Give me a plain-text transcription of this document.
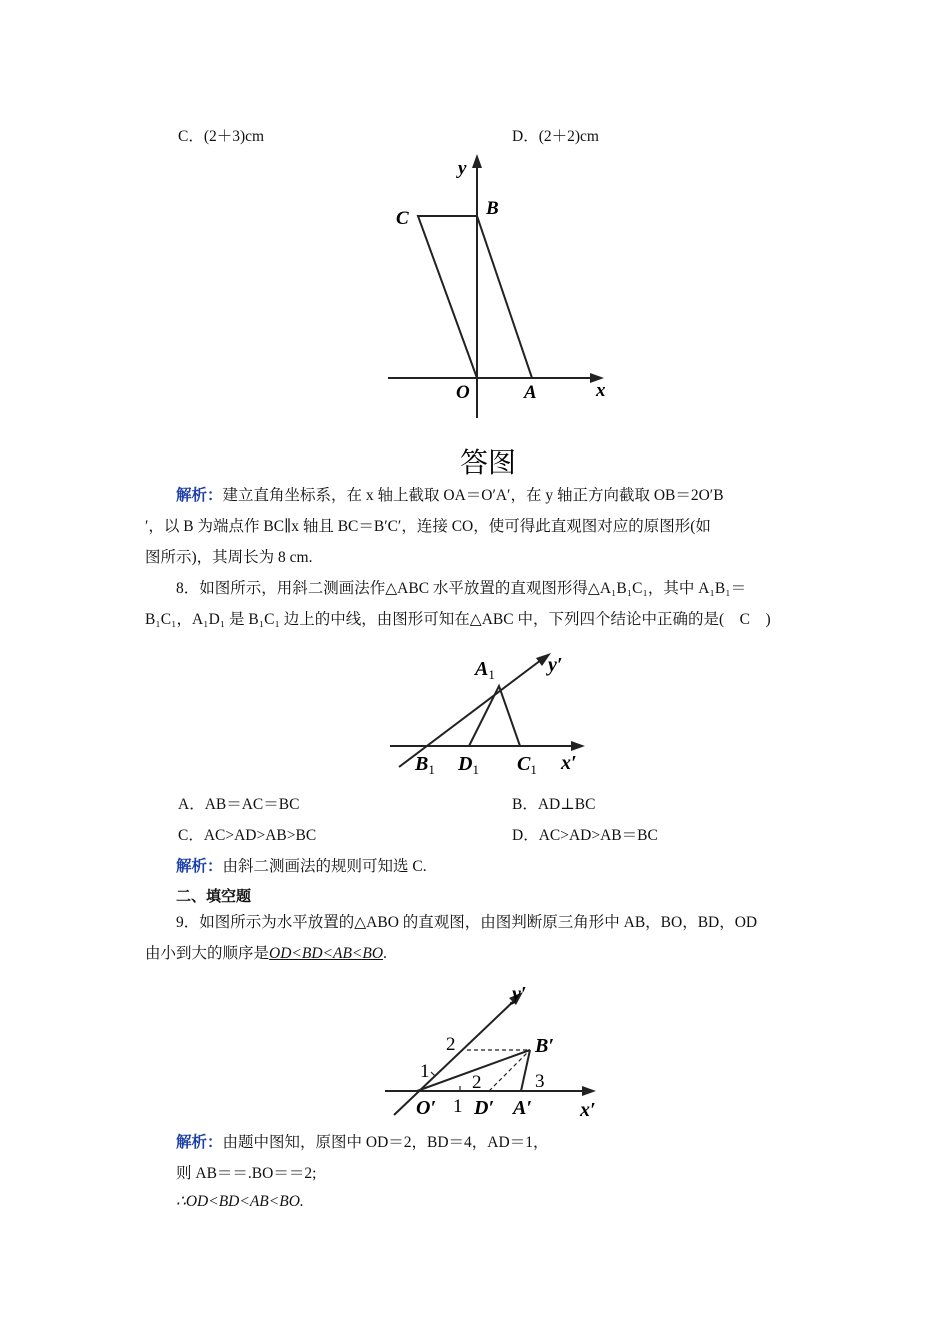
C．(2＋3)cm	D．(2＋2)cm
y
x
C	B
O	A
答图
解析：建立直角坐标系，在 x 轴上截取 OA＝O′A′，在 y 轴正方向截取 OB＝2O′B
′，以 B 为端点作 BC∥x 轴且 BC＝B′C′，连接 CO，使可得此直观图对应的原图形(如
图所示)，其周长为 8 cm.
8．如图所示，用斜二测画法作△ABC 水平放置的直观图形得△A₁B₁C₁，其中 A₁B₁＝
B₁C₁，A₁D₁ 是 B₁C₁ 边上的中线，由图形可知在△ABC 中，下列四个结论中正确的是(　C　)
$A_1$	y′
$B_1$ $D_1$ $C_1$ x′
A．AB＝AC＝BC	B．AD⊥BC
C．AC>AD>AB>BC	D．AC>AD>AB＝BC
解析：由斜二测画法的规则可知选 C.
二、填空题
9．如图所示为水平放置的△ABO 的直观图，由图判断原三角形中 AB，BO，BD，OD
由小到大的顺序是OD<BD<AB<BO.
y′
x′
B′
O′ D′ A′
1
2
2
1
3
解析：由题中图知，原图中 OD＝2，BD＝4，AD＝1，
则 AB＝＝.BO＝＝2;
∴OD<BD<AB<BO.
